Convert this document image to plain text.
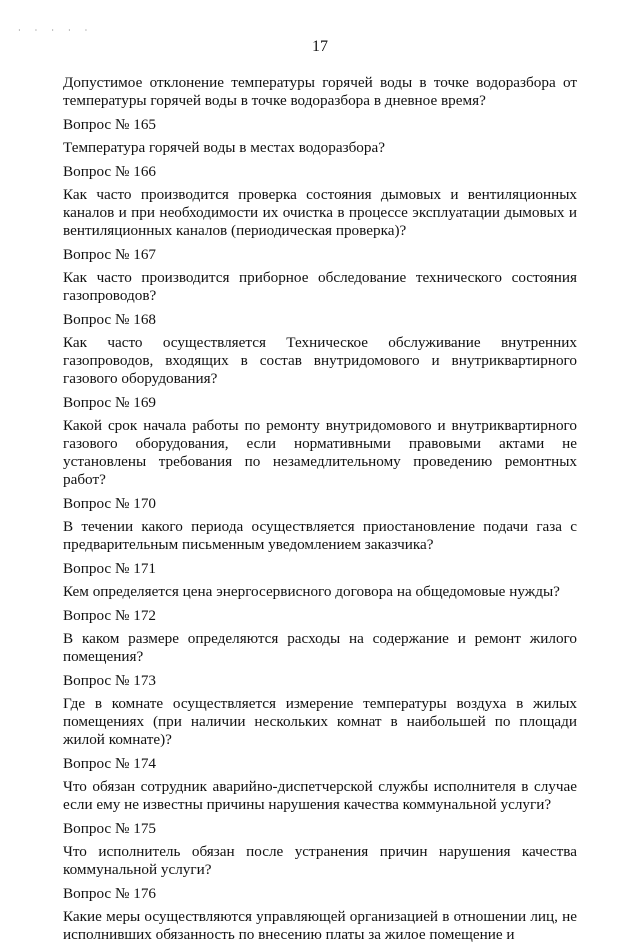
· · · · ·
17

Допустимое отклонение температуры горячей воды в точке водоразбора от температуры горячей воды в точке водоразбора в дневное время?

Вопрос № 165

Температура горячей воды в местах водоразбора?

Вопрос № 166

Как часто производится проверка состояния дымовых и вентиляционных каналов и при необходимости их очистка в процессе эксплуатации дымовых и вентиляционных каналов (периодическая проверка)?

Вопрос № 167

Как часто производится приборное обследование технического состояния газопроводов?

Вопрос № 168

Как часто осуществляется Техническое обслуживание внутренних газопроводов, входящих в состав внутридомового и внутриквартирного газового оборудования?

Вопрос № 169

Какой срок начала работы по ремонту внутридомового и внутриквартирного газового оборудования, если нормативными правовыми актами не установлены требования по незамедлительному проведению ремонтных работ?

Вопрос № 170

В течении какого периода осуществляется приостановление подачи газа с предварительным письменным уведомлением заказчика?

Вопрос № 171

Кем определяется цена энергосервисного договора на общедомовые нужды?

Вопрос № 172

В каком размере определяются расходы на содержание и ремонт жилого помещения?

Вопрос № 173

Где в комнате осуществляется измерение температуры воздуха в жилых помещениях (при наличии нескольких комнат в наибольшей по площади жилой комнате)?

Вопрос № 174

Что обязан сотрудник аварийно-диспетчерской службы исполнителя в случае если ему не известны причины нарушения качества коммунальной услуги?

Вопрос № 175

Что исполнитель обязан после устранения причин нарушения качества коммунальной услуги?

Вопрос № 176

Какие меры осуществляются управляющей организацией в отношении лиц, не исполнивших обязанность по внесению платы за жилое помещение и
